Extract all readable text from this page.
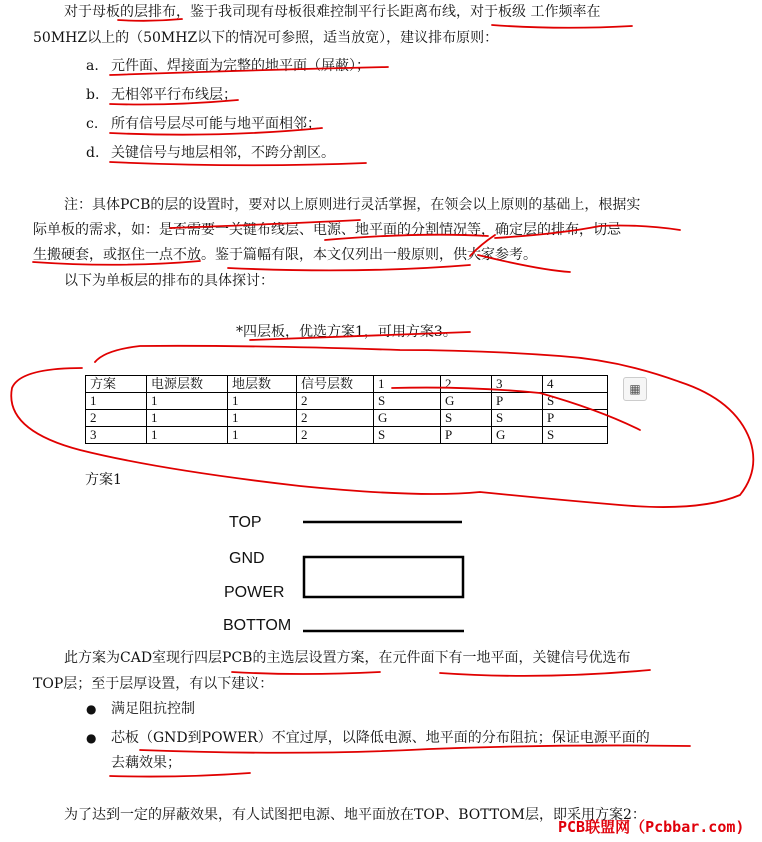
对于母板的层排布，鉴于我司现有母板很难控制平行长距离布线，对于板级 工作频率在
50MHZ以上的（50MHZ以下的情况可参照，适当放宽），建议排布原则：
a. 元件面、焊接面为完整的地平面（屏蔽）；
b. 无相邻平行布线层；
c. 所有信号层尽可能与地平面相邻；
d. 关键信号与地层相邻，不跨分割区。
注：具体PCB的层的设置时，要对以上原则进行灵活掌握，在领会以上原则的基础上，根据实
际单板的需求，如：是否需要一关键布线层、电源、地平面的分割情况等，确定层的排布，切忌
生搬硬套，或抠住一点不放。鉴于篇幅有限，本文仅列出一般原则，供大家参考。
以下为单板层的排布的具体探讨：
*四层板，优选方案1，可用方案3。
方案	电源层数	地层数	信号层数	1	2	3	4
1	1	1	2	S	G	P	S
2	1	1	2	G	S	S	P
3	1	1	2	S	P	G	S
▦
方案1
TOP
GND
POWER
BOTTOM
此方案为CAD室现行四层PCB的主选层设置方案，在元件面下有一地平面，关键信号优选布
TOP层；至于层厚设置，有以下建议：
● 满足阻抗控制
● 芯板（GND到POWER）不宜过厚，以降低电源、地平面的分布阻抗；保证电源平面的
去藕效果；
为了达到一定的屏蔽效果，有人试图把电源、地平面放在TOP、BOTTOM层，即采用方案2：
PCB联盟网（Pcbbar.com)
